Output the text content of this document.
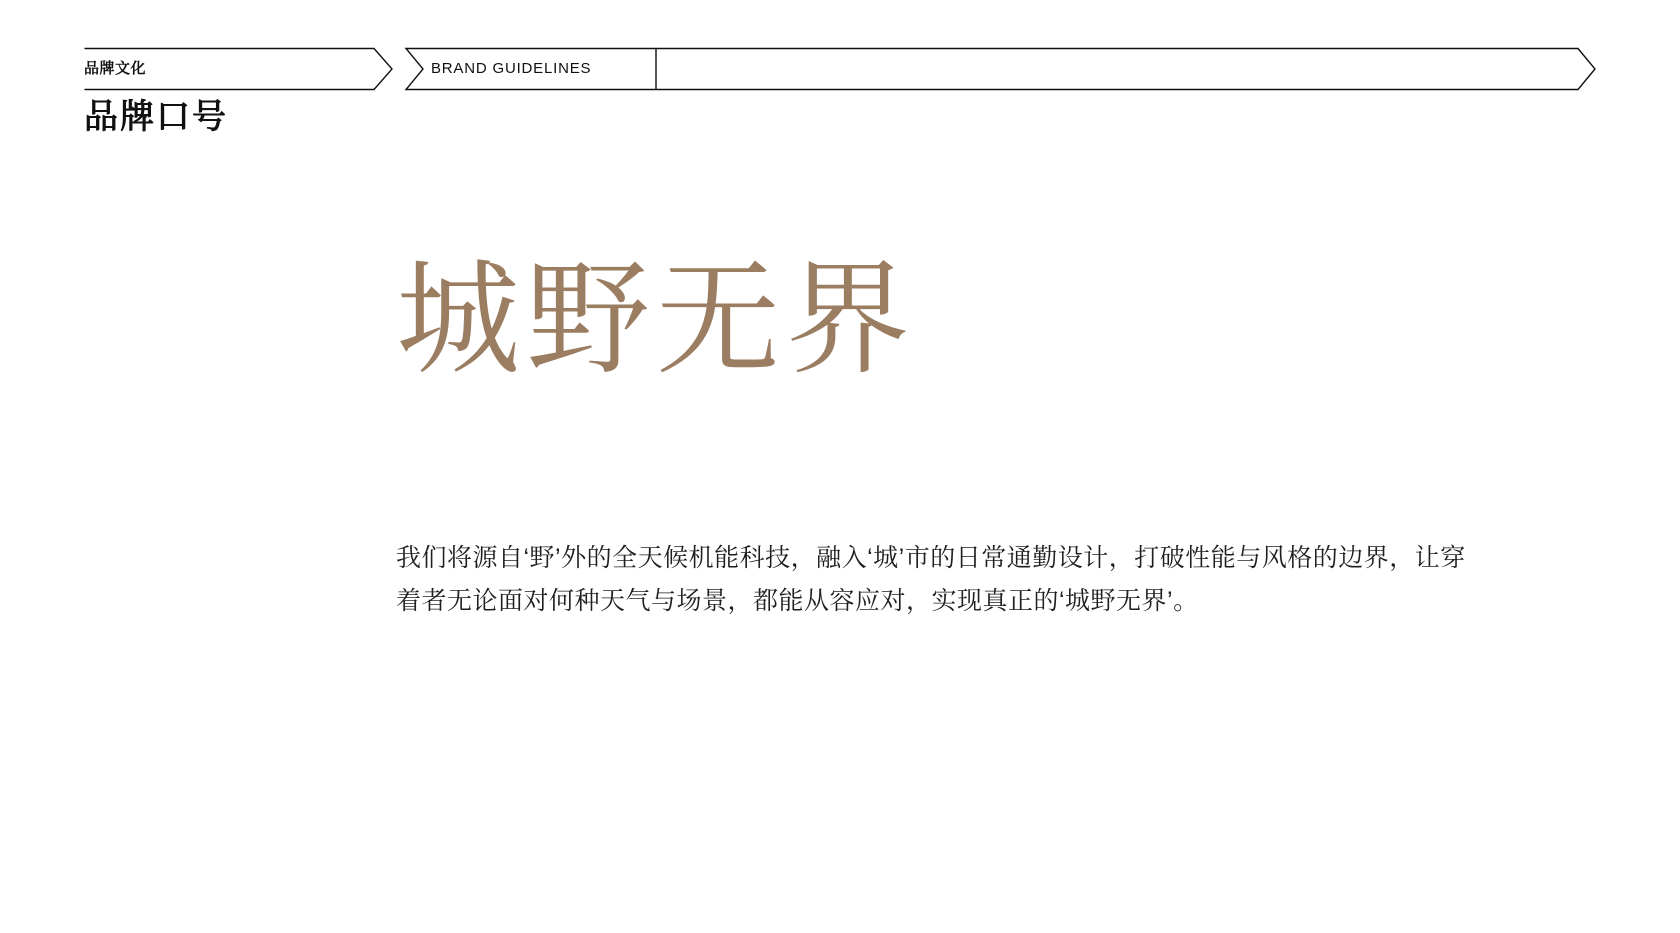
品牌文化	BRAND GUIDELINES
品牌口号
城野无界

我们将源自‘野’外的全天候机能科技，融入‘城’市的日常通勤设计，打破性能与风格的边界，让穿着者无论面对何种天气与场景，都能从容应对，实现真正的‘城野无界’。
